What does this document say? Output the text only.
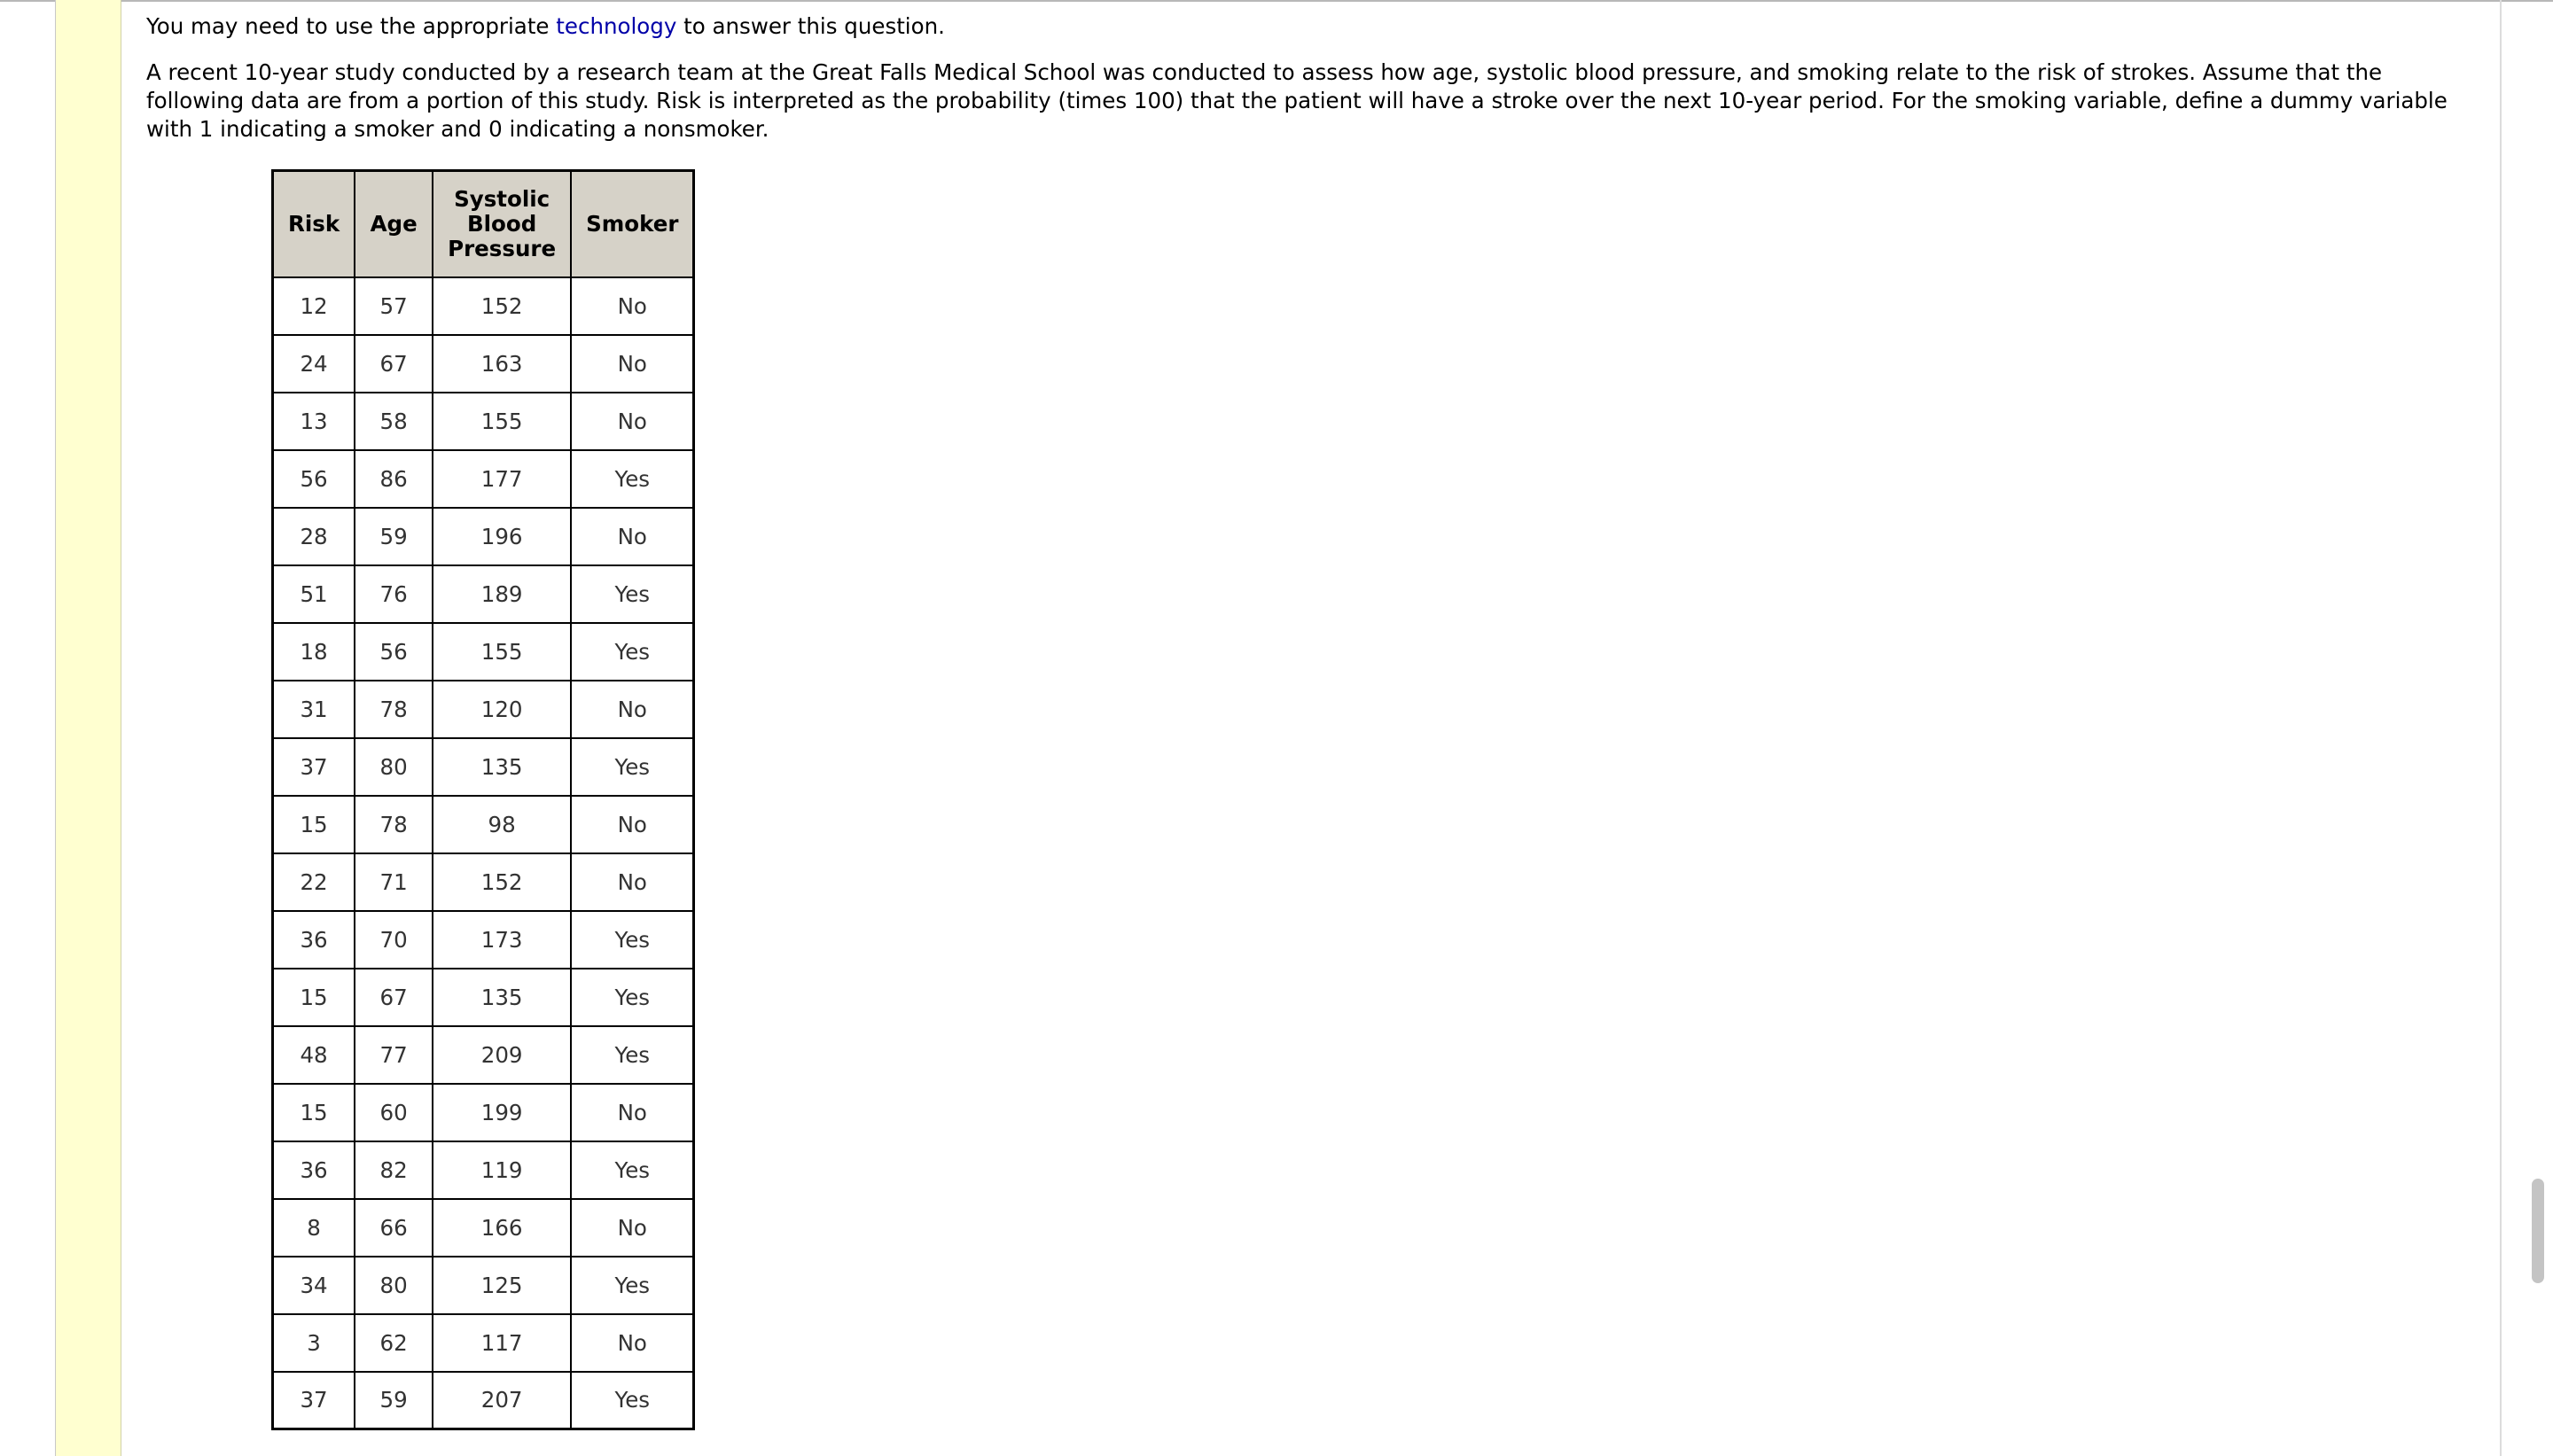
You may need to use the appropriate technology to answer this question.

A recent 10-year study conducted by a research team at the Great Falls Medical School was conducted to assess how age, systolic blood pressure, and smoking relate to the risk of strokes. Assume that the following data are from a portion of this study. Risk is interpreted as the probability (times 100) that the patient will have a stroke over the next 10-year period. For the smoking variable, define a dummy variable with 1 indicating a smoker and 0 indicating a nonsmoker.

Risk	Age	Systolic
Blood
Pressure	Smoker
12	57	152	No
24	67	163	No
13	58	155	No
56	86	177	Yes
28	59	196	No
51	76	189	Yes
18	56	155	Yes
31	78	120	No
37	80	135	Yes
15	78	98	No
22	71	152	No
36	70	173	Yes
15	67	135	Yes
48	77	209	Yes
15	60	199	No
36	82	119	Yes
8	66	166	No
34	80	125	Yes
3	62	117	No
37	59	207	Yes
